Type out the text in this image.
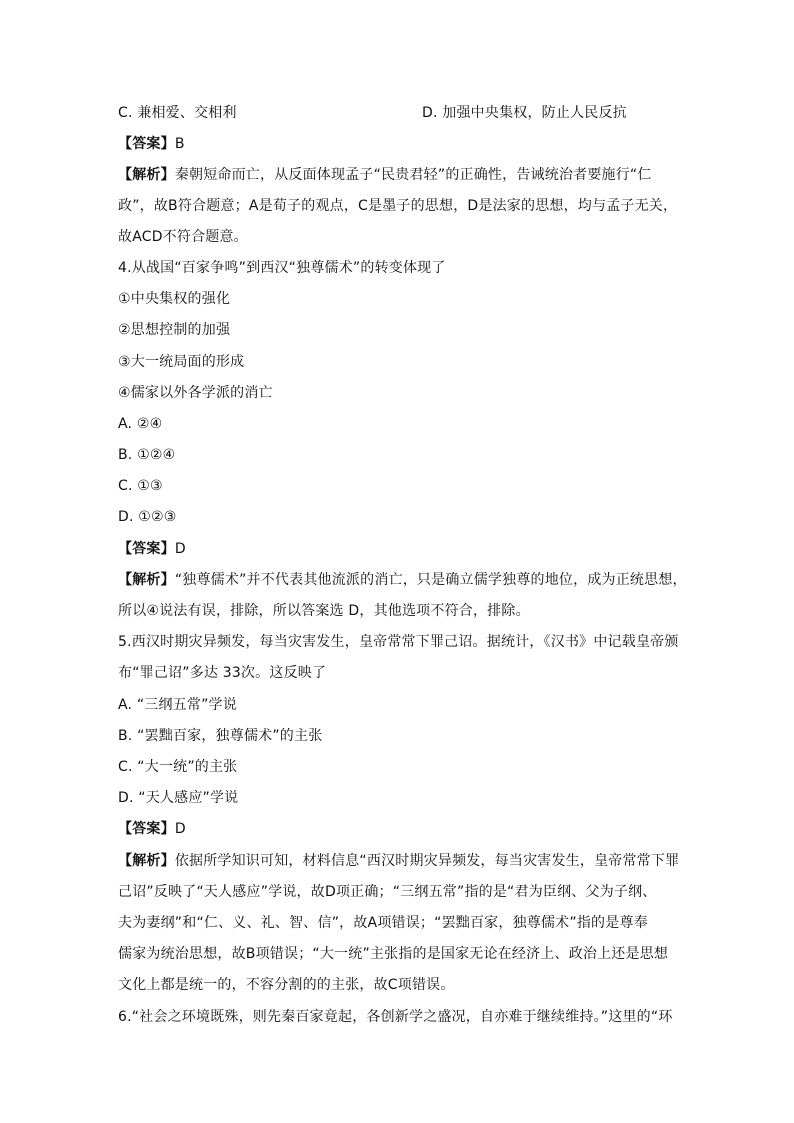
C. 兼相爱、交相利	D. 加强中央集权，防止人民反抗
【答案】B
【解析】秦朝短命而亡，从反面体现孟子“民贵君轻”的正确性，告诫统治者要施行“仁
政”，故B符合题意；A是荀子的观点，C是墨子的思想，D是法家的思想，均与孟子无关，
故ACD不符合题意。
4.从战国“百家争鸣”到西汉“独尊儒术”的转变体现了
①中央集权的强化
②思想控制的加强
③大一统局面的形成
④儒家以外各学派的消亡
A. ②④
B. ①②④
C. ①③
D. ①②③
【答案】D
【解析】“独尊儒术”并不代表其他流派的消亡，只是确立儒学独尊的地位，成为正统思想，
所以④说法有误，排除，所以答案选 D，其他选项不符合，排除。
5.西汉时期灾异频发，每当灾害发生，皇帝常常下罪己诏。据统计，《汉书》中记载皇帝颁
布“罪己诏”多达 33次。这反映了
A. “三纲五常”学说
B. “罢黜百家，独尊儒术”的主张
C. “大一统”的主张
D. “天人感应”学说
【答案】D
【解析】依据所学知识可知，材料信息“西汉时期灾异频发，每当灾害发生，皇帝常常下罪
己诏”反映了“天人感应”学说，故D项正确；“三纲五常”指的是“君为臣纲、父为子纲、
夫为妻纲”和“仁、义、礼、智、信”，故A项错误；“罢黜百家，独尊儒术”指的是尊奉
儒家为统治思想，故B项错误；“大一统”主张指的是国家无论在经济上、政治上还是思想
文化上都是统一的，不容分割的的主张，故C项错误。
6.“社会之环境既殊，则先秦百家竟起，各创新学之盛况，自亦难于继续维持。”这里的“环
